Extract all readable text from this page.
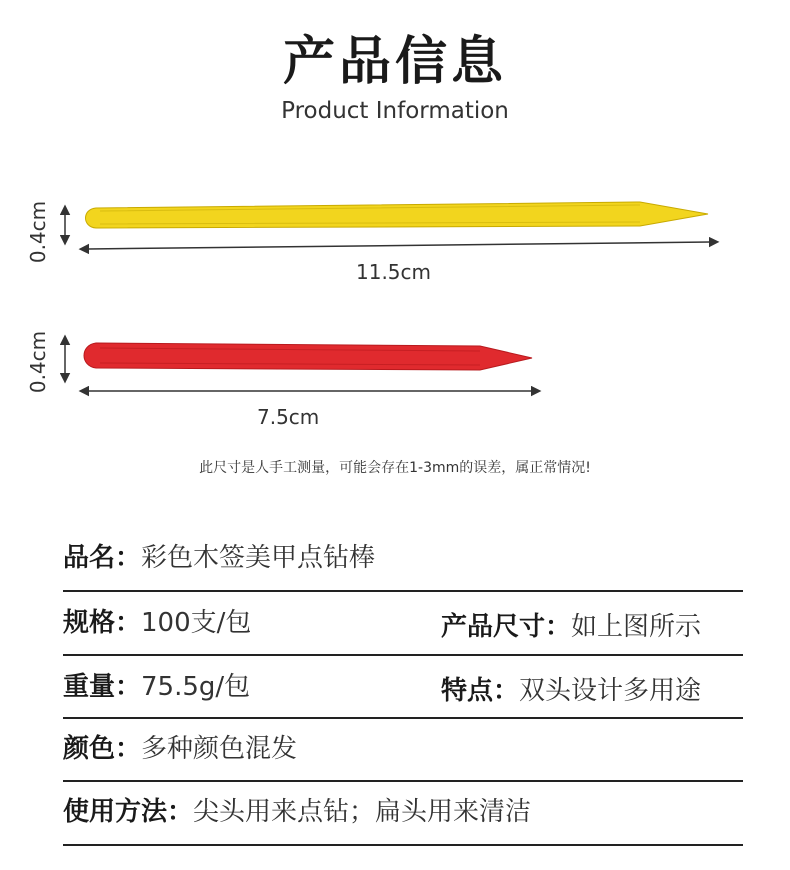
产品信息
Product Information
0.4cm
11.5cm
0.4cm
7.5cm
此尺寸是人手工测量，可能会存在1-3mm的误差，属正常情况!
品名：彩色木签美甲点钻棒
规格：100支/包	产品尺寸：如上图所示
重量：75.5g/包	特点：双头设计多用途
颜色：多种颜色混发
使用方法：尖头用来点钻；扁头用来清洁
